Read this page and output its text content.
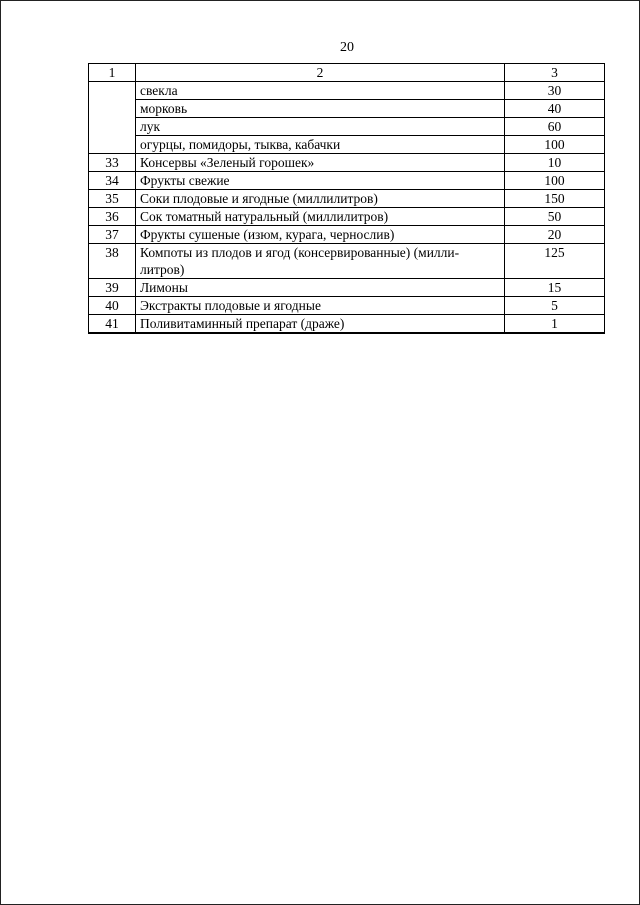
20
1	2	3
	свекла	30
	морковь	40
	лук	60
	огурцы, помидоры, тыква, кабачки	100
33	Консервы «Зеленый горошек»	10
34	Фрукты свежие	100
35	Соки плодовые и ягодные (миллилитров)	150
36	Сок томатный натуральный (миллилитров)	50
37	Фрукты сушеные (изюм, курага, чернослив)	20
38	Компоты из плодов и ягод (консервированные) (милли-литров)	125
39	Лимоны	15
40	Экстракты плодовые и ягодные	5
41	Поливитаминный препарат (драже)	1
